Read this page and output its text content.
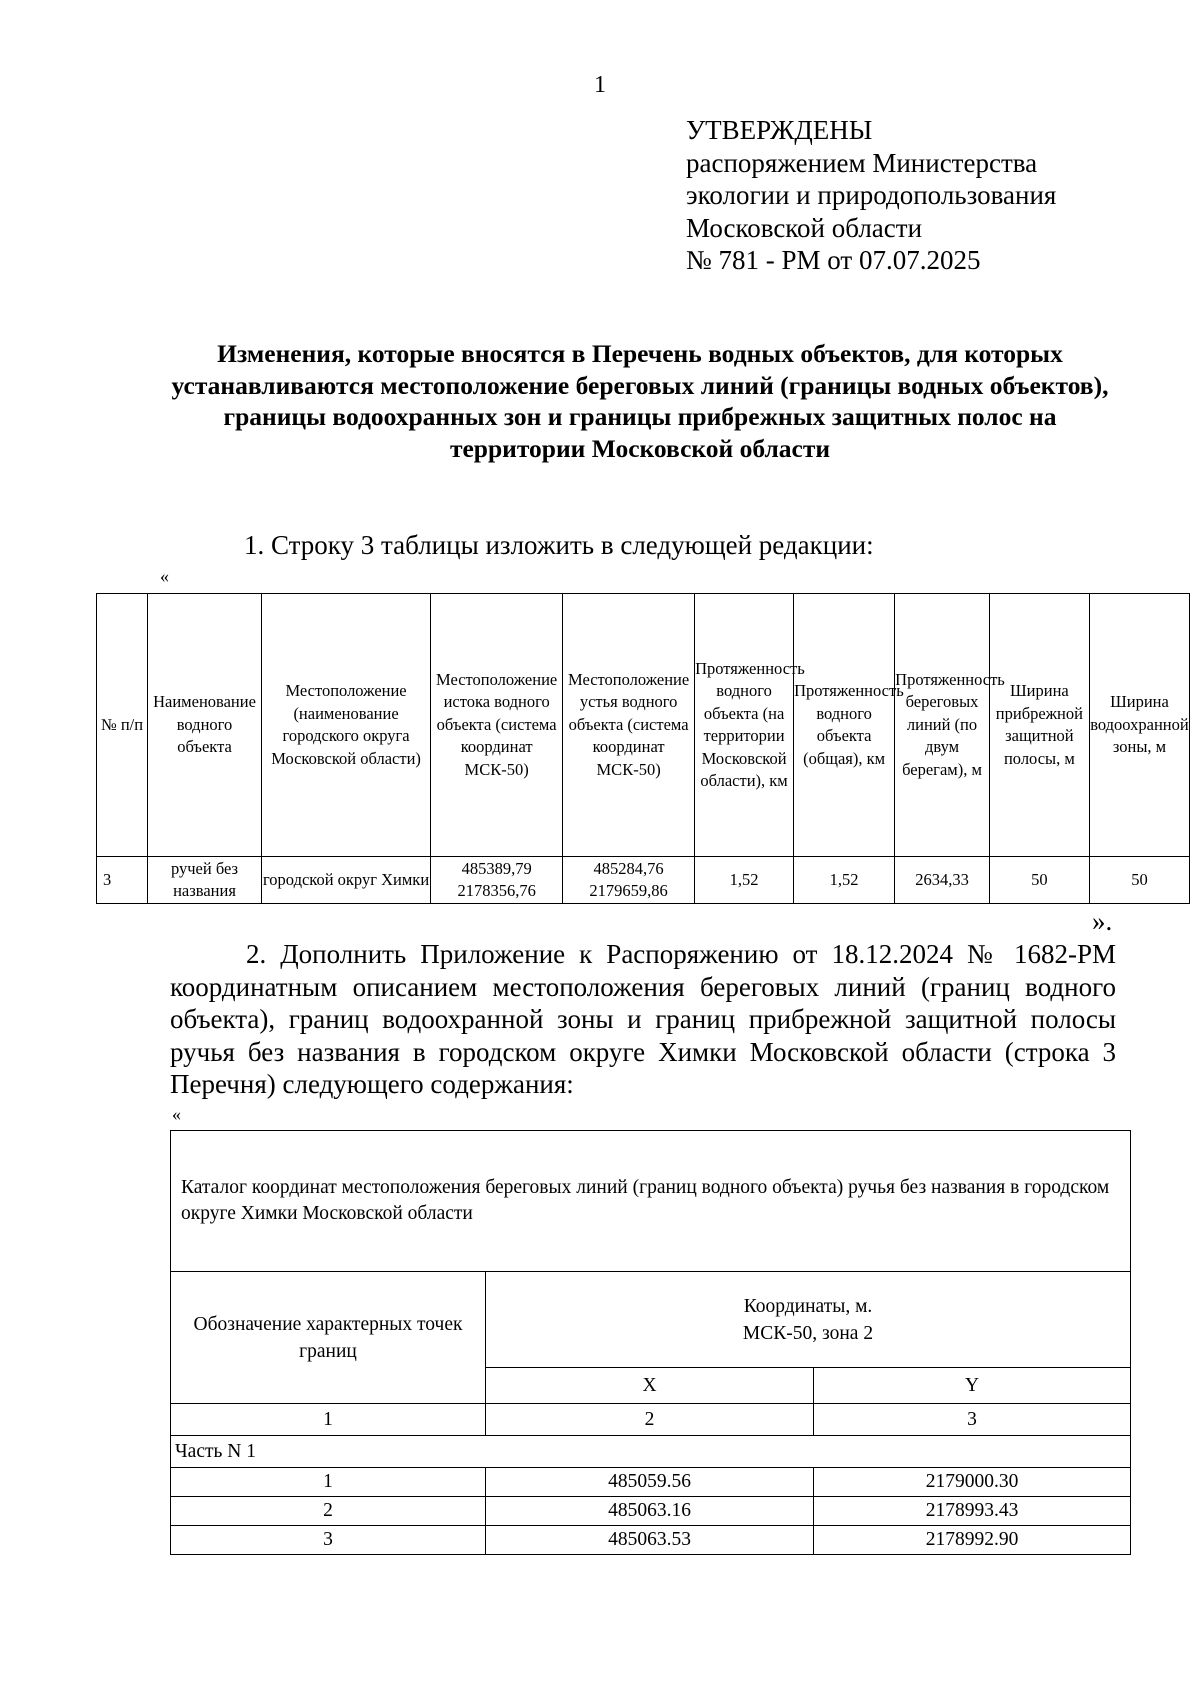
1
УТВЕРЖДЕНЫ
распоряжением Министерства
экологии и природопользования
Московской области
№ 781 - РМ от 07.07.2025
Изменения, которые вносятся в Перечень водных объектов, для которых устанавливаются местоположение береговых линий (границы водных объектов), границы водоохранных зон и границы прибрежных защитных полос на территории Московской области
1. Строку 3 таблицы изложить в следующей редакции:
«
№ п/п	Наименование водного объекта	Местоположение (наименование городского округа Московской области)	Местоположение истока водного объекта (система координат МСК-50)	Местоположение устья водного объекта (система координат МСК-50)	Протяженность водного объекта (на территории Московской области), км	Протяженность водного объекта (общая), км	Протяженность береговых линий (по двум берегам), м	Ширина прибрежной защитной полосы, м	Ширина водоохранной зоны, м
3	ручей без названия	городской округ Химки	485389,79 2178356,76	485284,76 2179659,86	1,52	1,52	2634,33	50	50
».
2. Дополнить Приложение к Распоряжению от 18.12.2024 № 1682-РМ координатным описанием местоположения береговых линий (границ водного объекта), границ водоохранной зоны и границ прибрежной защитной полосы ручья без названия в городском округе Химки Московской области (строка 3 Перечня) следующего содержания:
«
Каталог координат местоположения береговых линий (границ водного объекта) ручья без названия в городском округе Химки Московской области		
Обозначение характерных точек границ	Координаты, м.
МСК-50, зона 2	

	X	Y
1	2	3
Часть N 1		
1	485059.56	2179000.30
2	485063.16	2178993.43
3	485063.53	2178992.90
